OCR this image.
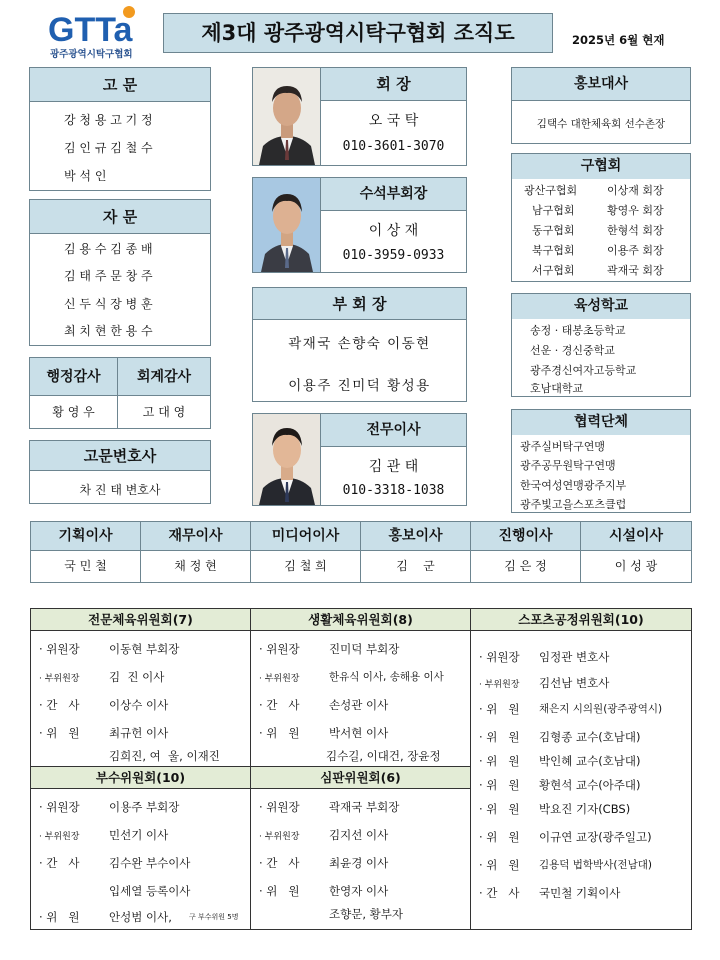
GTTa
광주광역시탁구협회
제3대 광주광역시탁구협회 조직도	2025년 6월 현재
고 문
강 청 용 고 기 정
김 인 규 김 철 수
박 석 인
자 문
김 용 수 김 종 배
김 태 주 문 창 주
신 두 식 장 병 훈
최 치 현 한 용 수
행정감사	회계감사
황 영 우	고 대 영
고문변호사
차 진 태 변호사
회 장
오 국 탁
010-3601-3070
수석부회장
이 상 재
010-3959-0933
부 회 장
곽재국 손향숙 이동현
이용주 진미덕 황성용
전무이사
김 관 태
010-3318-1038
홍보대사
김택수 대한체육회 선수촌장
구협회
광산구협회	이상재 회장
남구협회	황영우 회장
동구협회	한형석 회장
북구협회	이용주 회장
서구협회	곽재국 회장
육성학교
송정 · 태봉초등학교
선운 · 경신중학교
광주경신여자고등학교
호남대학교
협력단체
광주실버탁구연맹
광주공무원탁구연맹
한국여성연맹광주지부
광주빛고을스포츠클럽
기획이사	재무이사	미디어이사	홍보이사	진행이사	시설이사
국 민 철	채 정 현	김 철 희	김    군	김 은 정	이 성 광
전문체육위원회(7)
· 위원장	이동현 부회장
· 부위원장	김  진 이사
· 간   사	이상수 이사
· 위   원	최규헌 이사
김희진, 여  울, 이재진
생활체육위원회(8)
· 위원장	진미덕 부회장
· 부위원장	한유식 이사, 송해용 이사
· 간   사	손성관 이사
· 위   원	박서현 이사
김수길, 이대건, 장윤정
스포츠공정위원회(10)
· 위원장 임정관 변호사
· 부위원장 김선남 변호사
· 위   원 채은지 시의원(광주광역시)
· 위   원 김형종 교수(호남대)
· 위   원 박인혜 교수(호남대)
· 위   원 황현석 교수(아주대)
· 위   원 박요진 기자(CBS)
· 위   원 이규연 교장(광주일고)
· 위   원 김용덕 법학박사(전남대)
· 간   사 국민철 기획이사
부수위원회(10)
· 위원장	이용주 부회장
· 부위원장	민선기 이사
· 간   사	김수완 부수이사
입세열 등록이사
· 위   원	안성범 이사, 구 부수위원 5명
심판위원회(6)
· 위원장	곽재국 부회장
· 부위원장	김지선 이사
· 간   사	최윤경 이사
· 위   원	한영자 이사
조향문, 황부자
